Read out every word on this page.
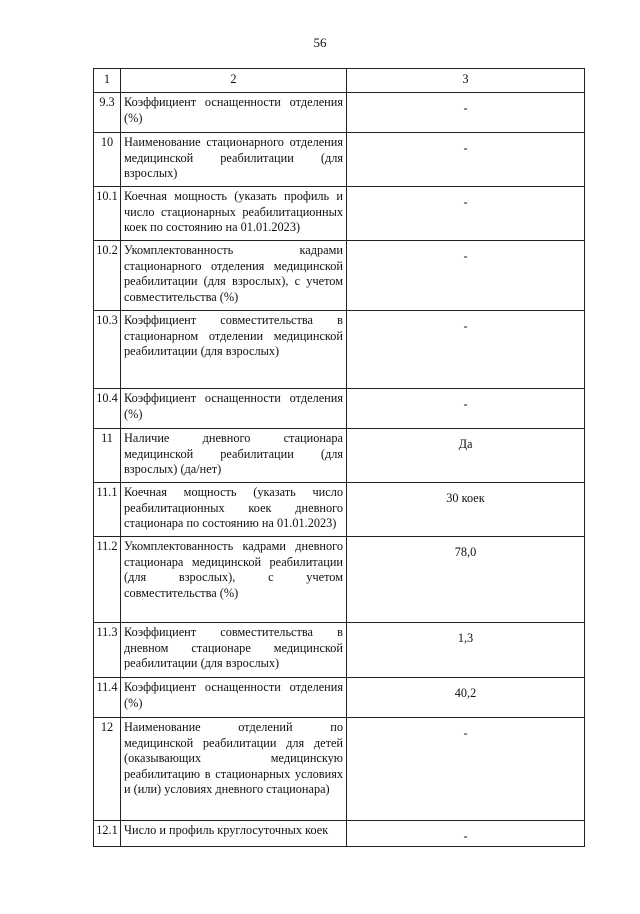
56
1	2	3
9.3	Коэффициент оснащенности отделения (%)	-
10	Наименование стационарного отделения медицинской реабилитации (для взрослых)	-
10.1	Коечная мощность (указать профиль и число стационарных реабилитационных коек по состоянию на 01.01.2023)	-
10.2	Укомплектованность кадрами стационарного отделения медицинской реабилитации (для взрослых), с учетом совместительства (%)	-
10.3	Коэффициент совместительства в стационарном отделении медицинской реабилитации (для взрослых)	-
10.4	Коэффициент оснащенности отделения (%)	-
11	Наличие дневного стационара медицинской реабилитации (для взрослых) (да/нет)	Да
11.1	Коечная мощность (указать число реабилитационных коек дневного стационара по состоянию на 01.01.2023)	30 коек
11.2	Укомплектованность кадрами дневного стационара медицинской реабилитации (для взрослых), с учетом совместительства (%)	78,0
11.3	Коэффициент совместительства в дневном стационаре медицинской реабилитации (для взрослых)	1,3
11.4	Коэффициент оснащенности отделения (%)	40,2
12	Наименование отделений по медицинской реабилитации для детей (оказывающих медицинскую реабилитацию в стационарных условиях и (или) условиях дневного стационара)	-
12.1	Число и профиль круглосуточных коек	-
